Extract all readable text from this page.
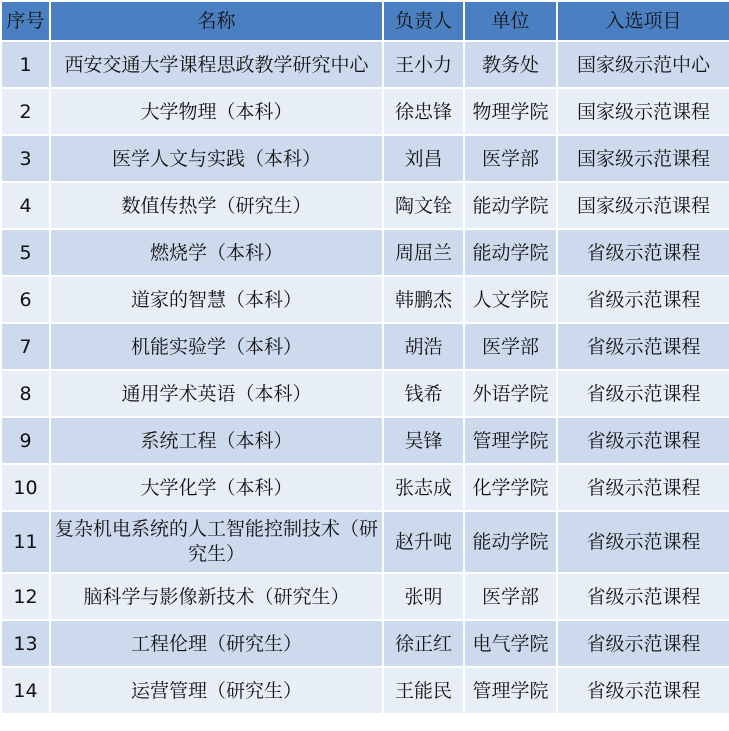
序号	名称	负责人	单位	入选项目
1	西安交通大学课程思政教学研究中心	王小力	教务处	国家级示范中心
2	大学物理（本科）	徐忠锋	物理学院	国家级示范课程
3	医学人文与实践（本科）	刘昌	医学部	国家级示范课程
4	数值传热学（研究生）	陶文铨	能动学院	国家级示范课程
5	燃烧学（本科）	周屈兰	能动学院	省级示范课程
6	道家的智慧（本科）	韩鹏杰	人文学院	省级示范课程
7	机能实验学（本科）	胡浩	医学部	省级示范课程
8	通用学术英语（本科）	钱希	外语学院	省级示范课程
9	系统工程（本科）	吴锋	管理学院	省级示范课程
10	大学化学（本科）	张志成	化学学院	省级示范课程
11	复杂机电系统的人工智能控制技术（研究生）	赵升吨	能动学院	省级示范课程
12	脑科学与影像新技术（研究生）	张明	医学部	省级示范课程
13	工程伦理（研究生）	徐正红	电气学院	省级示范课程
14	运营管理（研究生）	王能民	管理学院	省级示范课程
